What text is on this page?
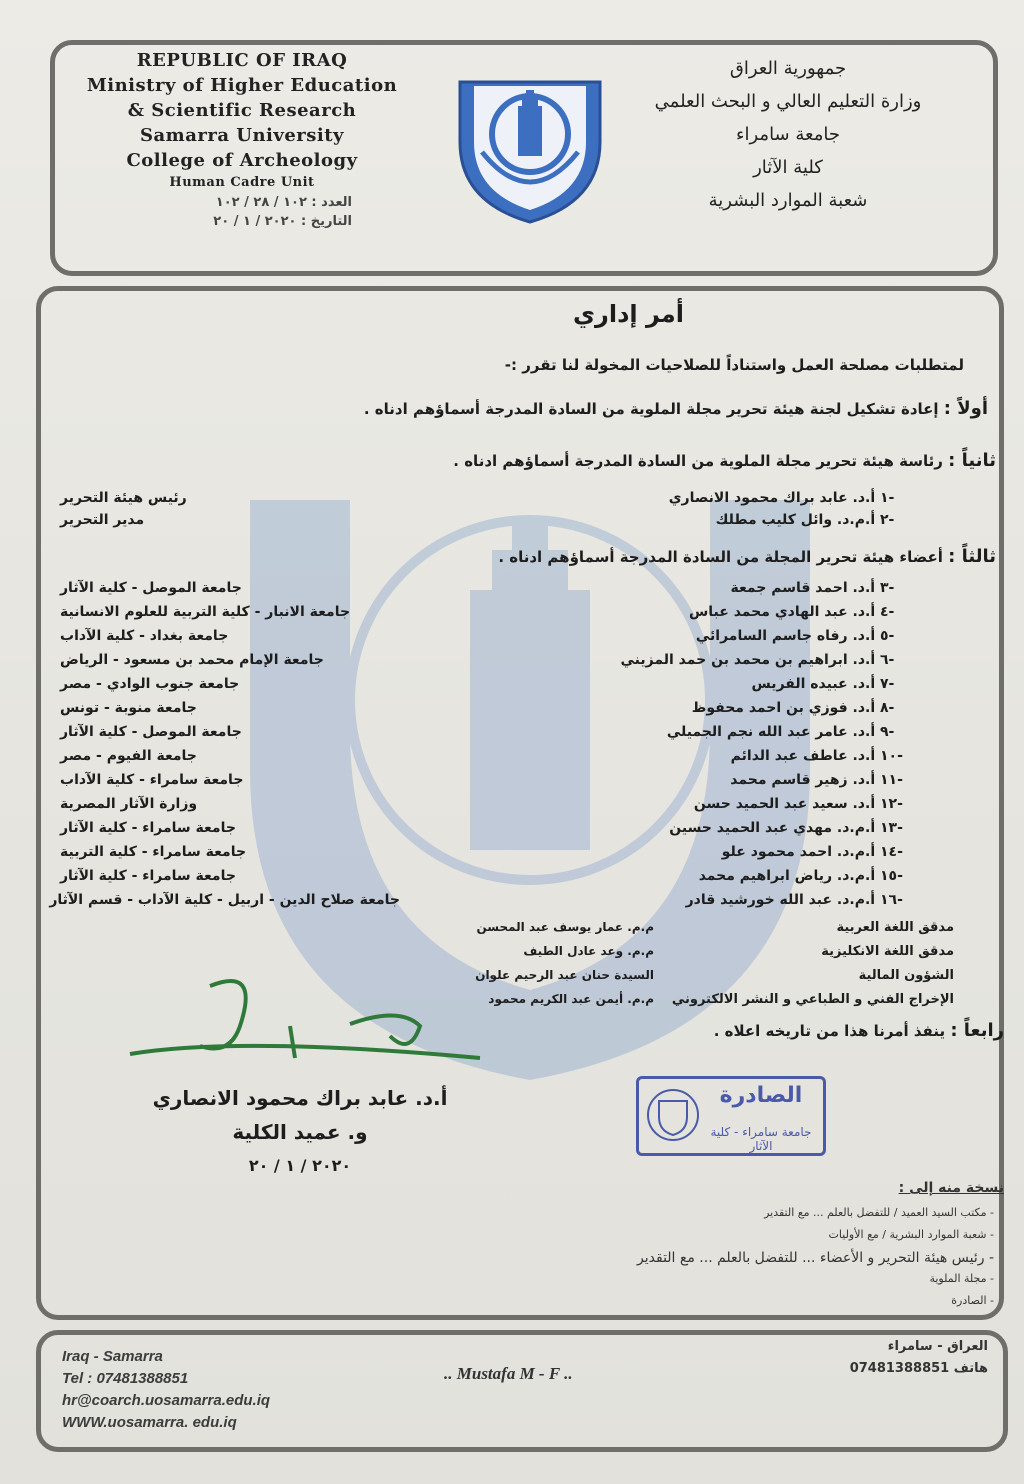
REPUBLIC OF IRAQ
Ministry of Higher Education
& Scientific Research
Samarra University
College of Archeology
Human Cadre Unit
العدد : ١٠٢ / ٢٨ / ١٠٢
التاريخ : ٢٠٢٠ / ١ / ٢٠
جمهورية العراق
وزارة التعليم العالي و البحث العلمي
جامعة سامراء
كلية الآثار
شعبة الموارد البشرية
أمر إداري
لمتطلبات مصلحة العمل واستناداً للصلاحيات المخولة لنا تقرر :-
أولاً : إعادة تشكيل لجنة هيئة تحرير مجلة الملوية من السادة المدرجة أسماؤهم ادناه .
ثانياً : رئاسة هيئة تحرير مجلة الملوية من السادة المدرجة أسماؤهم ادناه .
-١ أ.د. عابد براك محمود الانصاري
رئيس هيئة التحرير
-٢ أ.م.د. وائل كليب مطلك
مدير التحرير
ثالثاً : أعضاء هيئة تحرير المجلة من السادة المدرجة أسماؤهم ادناه .
-٣ أ.د. احمد قاسم جمعة
جامعة الموصل - كلية الآثار
-٤ أ.د. عبد الهادي محمد عباس
جامعة الانبار - كلية التربية للعلوم الانسانية
-٥ أ.د. رفاه جاسم السامرائي
جامعة بغداد - كلية الآداب
-٦ أ.د. ابراهيم بن محمد بن حمد المزيني
جامعة الإمام محمد بن مسعود - الرياض
-٧ أ.د. عبيده الفريس
جامعة جنوب الوادي - مصر
-٨ أ.د. فوزي بن احمد محفوظ
جامعة منوبة - تونس
-٩ أ.د. عامر عبد الله نجم الجميلي
جامعة الموصل - كلية الآثار
-١٠ أ.د. عاطف عبد الدائم
جامعة الفيوم - مصر
-١١ أ.د. زهير قاسم محمد
جامعة سامراء - كلية الآداب
-١٢ أ.د. سعيد عبد الحميد حسن
وزارة الآثار المصرية
-١٣ أ.م.د. مهدي عبد الحميد حسين
جامعة سامراء - كلية الآثار
-١٤ أ.م.د. احمد محمود علو
جامعة سامراء - كلية التربية
-١٥ أ.م.د. رياض ابراهيم محمد
جامعة سامراء - كلية الآثار
-١٦ أ.م.د. عبد الله خورشيد قادر
جامعة صلاح الدين - اربيل - كلية الآداب - قسم الآثار
مدقق اللغة العربية
م.م. عمار يوسف عبد المحسن
مدقق اللغة الانكليزية
م.م. وعد عادل الطيف
الشؤون المالية
السيدة حنان عبد الرحيم علوان
الإخراج الفني و الطباعي و النشر الالكتروني
م.م. أيمن عبد الكريم محمود
رابعاً : ينفذ أمرنا هذا من تاريخه اعلاه .
أ.د. عابد براك محمود الانصاري
و. عميد الكلية
٢٠٢٠ / ١ / ٢٠
الصادرة
جامعة سامراء - كلية الآثار
نسخة منه إلى :
- مكتب السيد العميد / للتفضل بالعلم ... مع التقدير
- شعبة الموارد البشرية / مع الأوليات
- رئيس هيئة التحرير و الأعضاء ... للتفضل بالعلم ... مع التقدير
- مجلة الملوية
- الصادرة
Iraq - Samarra
Tel : 07481388851
hr@coarch.uosamarra.edu.iq
WWW.uosamarra. edu.iq
.. Mustafa M - F ..
العراق - سامراء
هاتف 07481388851
